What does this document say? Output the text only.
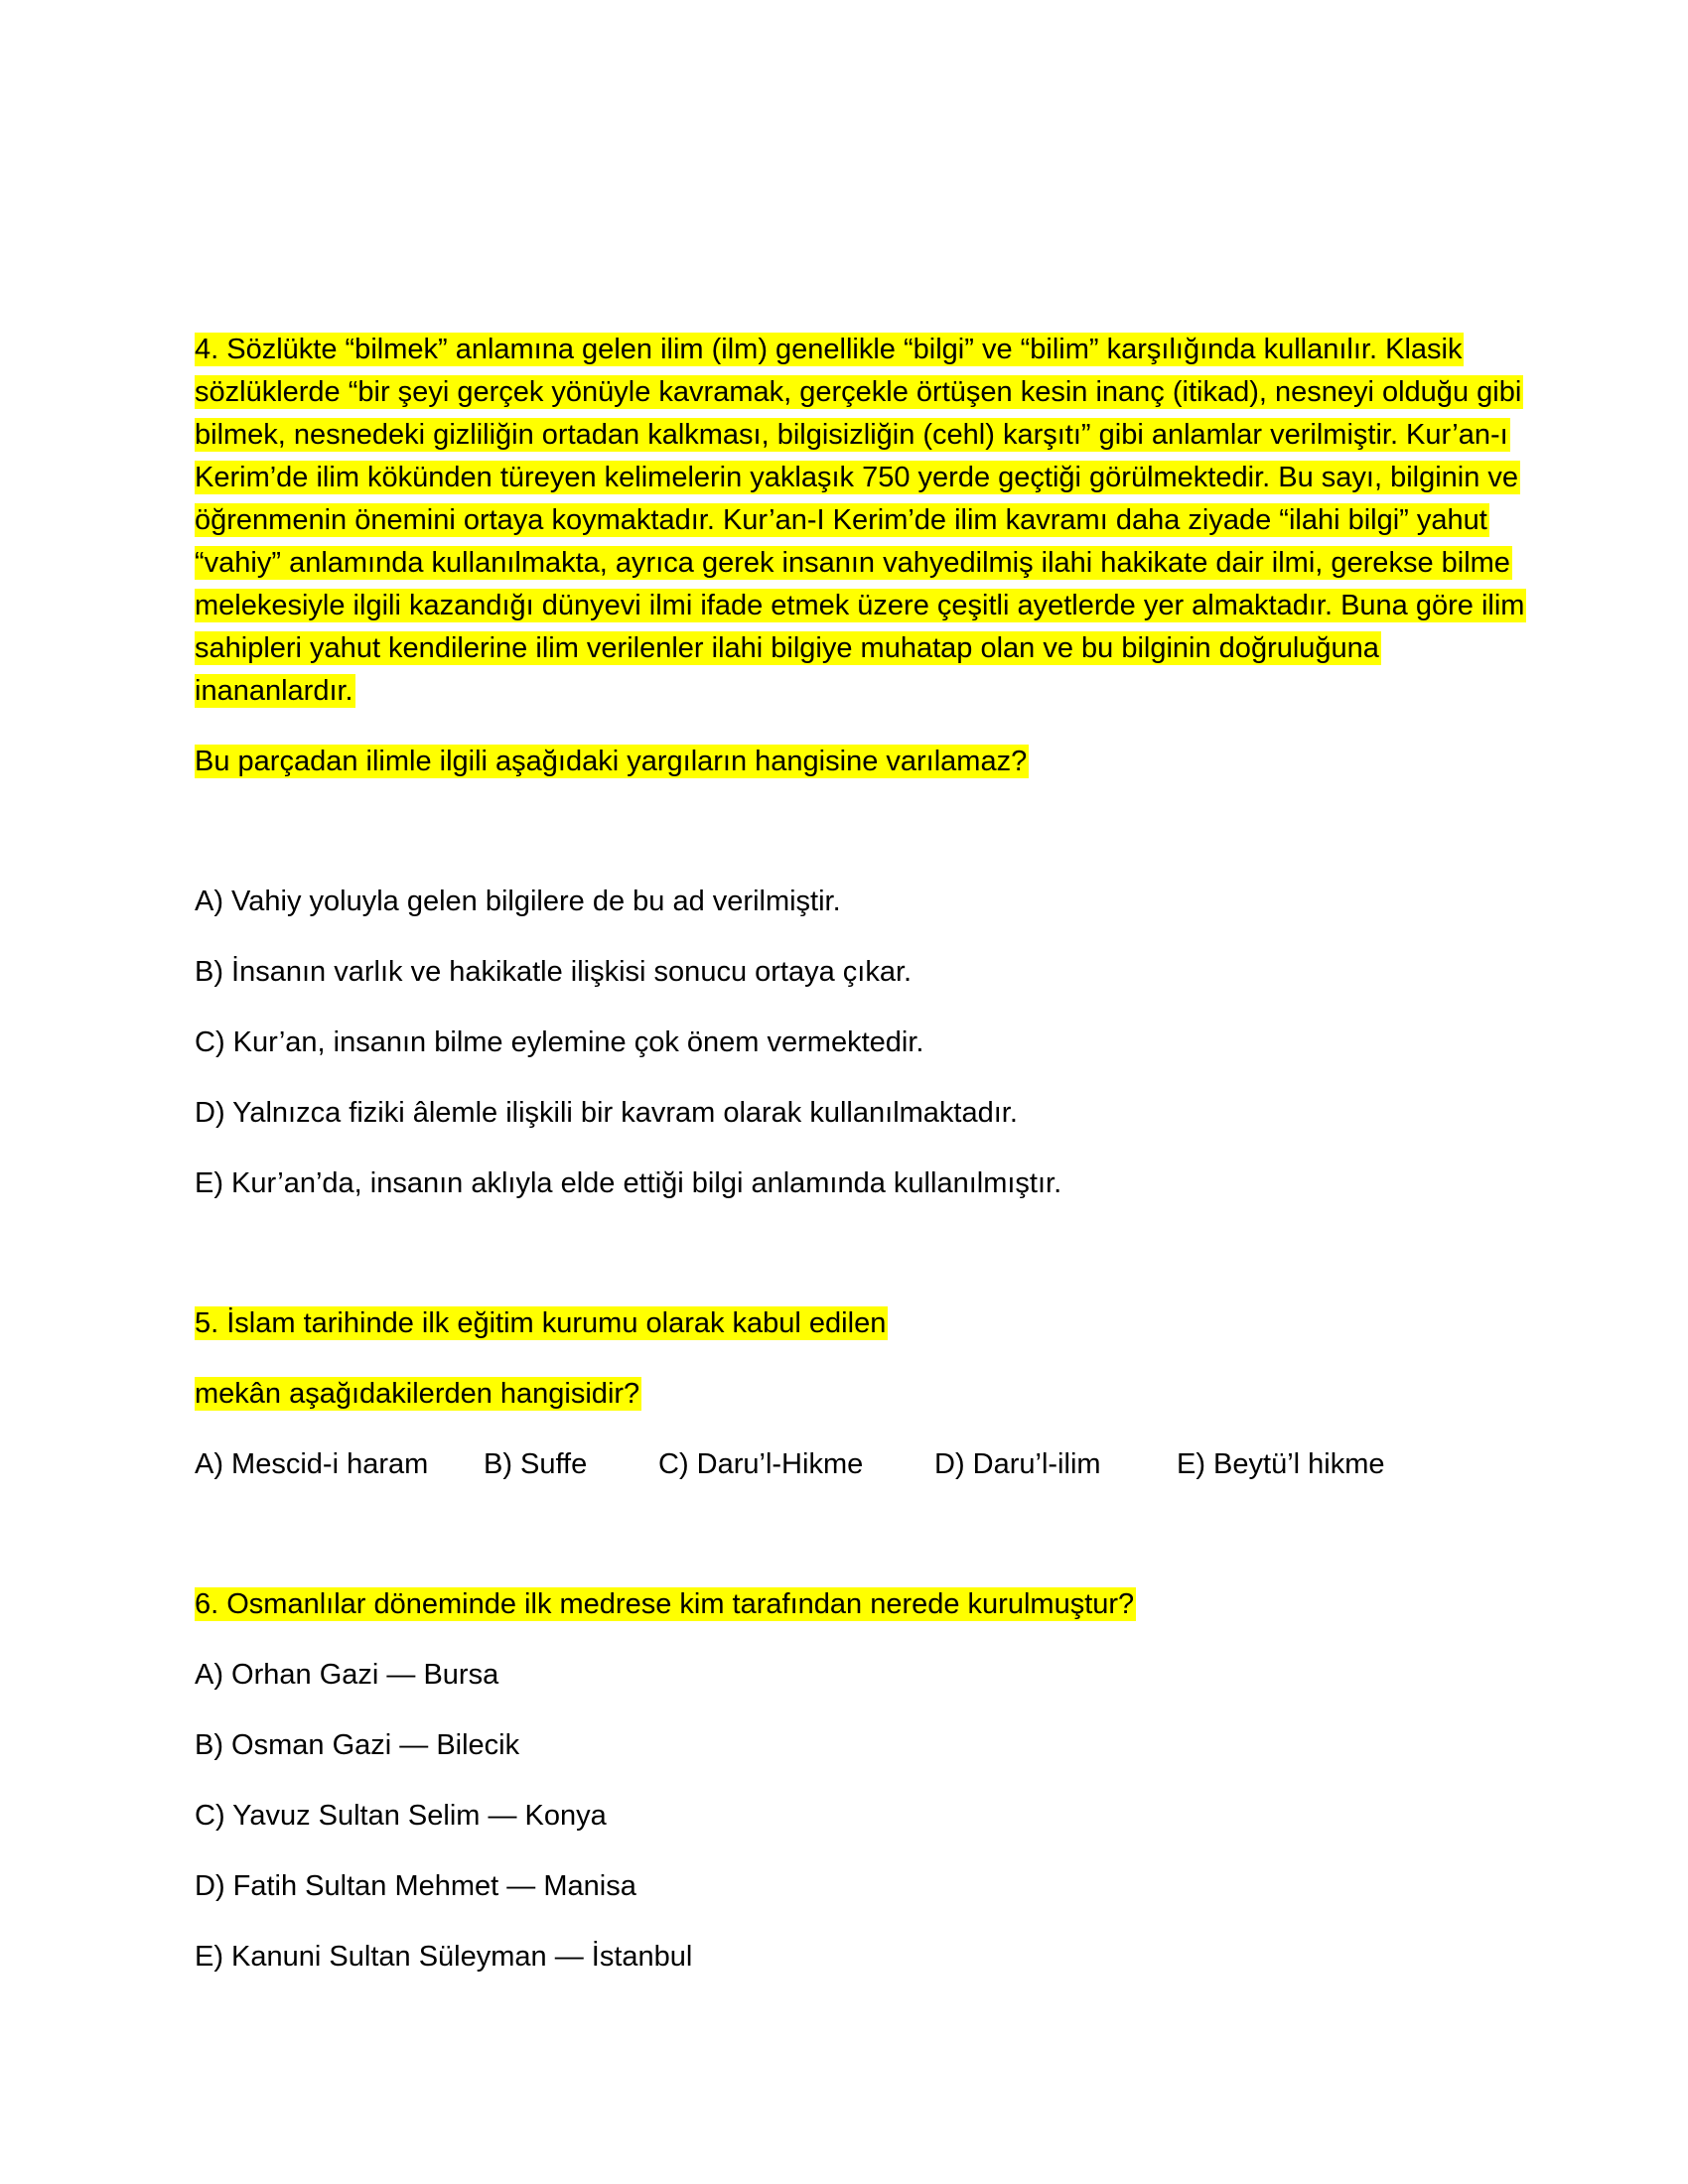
4. Sözlükte “bilmek” anlamına gelen ilim (ilm) genellikle “bilgi” ve “bilim” karşılığında kullanılır. Klasik
sözlüklerde “bir şeyi gerçek yönüyle kavramak, gerçekle örtüşen kesin inanç (itikad), nesneyi olduğu gibi
bilmek, nesnedeki gizliliğin ortadan kalkması, bilgisizliğin (cehl) karşıtı” gibi anlamlar verilmiştir. Kur’an-ı
Kerim’de ilim kökünden türeyen kelimelerin yaklaşık 750 yerde geçtiği görülmektedir. Bu sayı, bilginin ve
öğrenmenin önemini ortaya koymaktadır. Kur’an-I Kerim’de ilim kavramı daha ziyade “ilahi bilgi” yahut
“vahiy” anlamında kullanılmakta, ayrıca gerek insanın vahyedilmiş ilahi hakikate dair ilmi, gerekse bilme
melekesiyle ilgili kazandığı dünyevi ilmi ifade etmek üzere çeşitli ayetlerde yer almaktadır. Buna göre ilim
sahipleri yahut kendilerine ilim verilenler ilahi bilgiye muhatap olan ve bu bilginin doğruluğuna
inananlardır.
Bu parçadan ilimle ilgili aşağıdaki yargıların hangisine varılamaz?
A) Vahiy yoluyla gelen bilgilere de bu ad verilmiştir.
B) İnsanın varlık ve hakikatle ilişkisi sonucu ortaya çıkar.
C) Kur’an, insanın bilme eylemine çok önem vermektedir.
D) Yalnızca fiziki âlemle ilişkili bir kavram olarak kullanılmaktadır.
E) Kur’an’da, insanın aklıyla elde ettiği bilgi anlamında kullanılmıştır.
5. İslam tarihinde ilk eğitim kurumu olarak kabul edilen
mekân aşağıdakilerden hangisidir?
A) Mescid-i haram B) Suffe C) Daru’l-Hikme D) Daru’l-ilim	E) Beytü’l hikme
6. Osmanlılar döneminde ilk medrese kim tarafından nerede kurulmuştur?
A) Orhan Gazi — Bursa
B) Osman Gazi — Bilecik
C) Yavuz Sultan Selim — Konya
D) Fatih Sultan Mehmet — Manisa
E) Kanuni Sultan Süleyman — İstanbul
